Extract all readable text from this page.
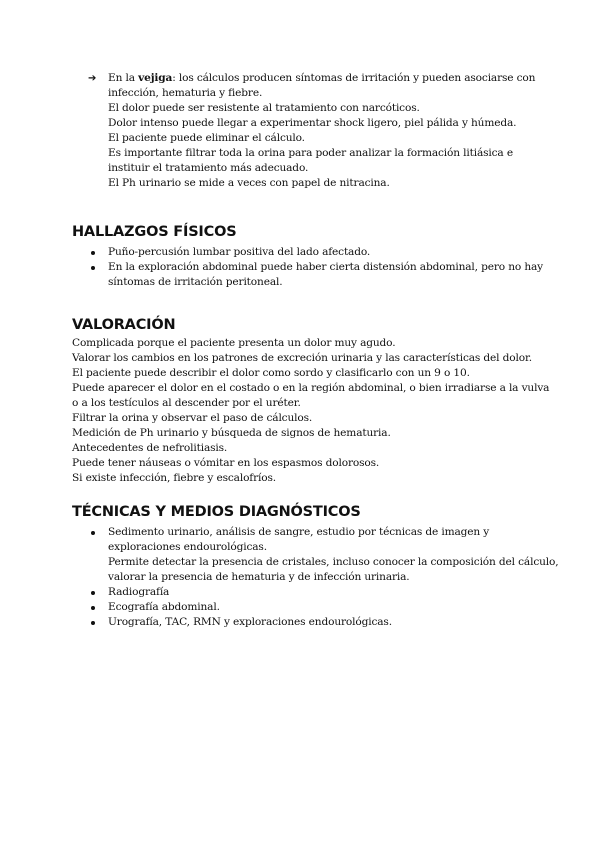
➔ En la vejiga: los cálculos producen síntomas de irritación y pueden asociarse con
infección, hematuria y fiebre.
El dolor puede ser resistente al tratamiento con narcóticos.
Dolor intenso puede llegar a experimentar shock ligero, piel pálida y húmeda.
El paciente puede eliminar el cálculo.
Es importante filtrar toda la orina para poder analizar la formación litiásica e
instituir el tratamiento más adecuado.
El Ph urinario se mide a veces con papel de nitracina.
HALLAZGOS FÍSICOS
Puño-percusión lumbar positiva del lado afectado.
En la exploración abdominal puede haber cierta distensión abdominal, pero no hay
síntomas de irritación peritoneal.
VALORACIÓN
Complicada porque el paciente presenta un dolor muy agudo.
Valorar los cambios en los patrones de excreción urinaria y las características del dolor.
El paciente puede describir el dolor como sordo y clasificarlo con un 9 o 10.
Puede aparecer el dolor en el costado o en la región abdominal, o bien irradiarse a la vulva
o a los testículos al descender por el uréter.
Filtrar la orina y observar el paso de cálculos.
Medición de Ph urinario y búsqueda de signos de hematuria.
Antecedentes de nefrolitiasis.
Puede tener náuseas o vómitar en los espasmos dolorosos.
Si existe infección, fiebre y escalofríos.
TÉCNICAS Y MEDIOS DIAGNÓSTICOS
Sedimento urinario, análisis de sangre, estudio por técnicas de imagen y
exploraciones endourológicas.
Permite detectar la presencia de cristales, incluso conocer la composición del cálculo,
valorar la presencia de hematuria y de infección urinaria.
Radiografía
Ecografía abdominal.
Urografía, TAC, RMN y exploraciones endourológicas.
